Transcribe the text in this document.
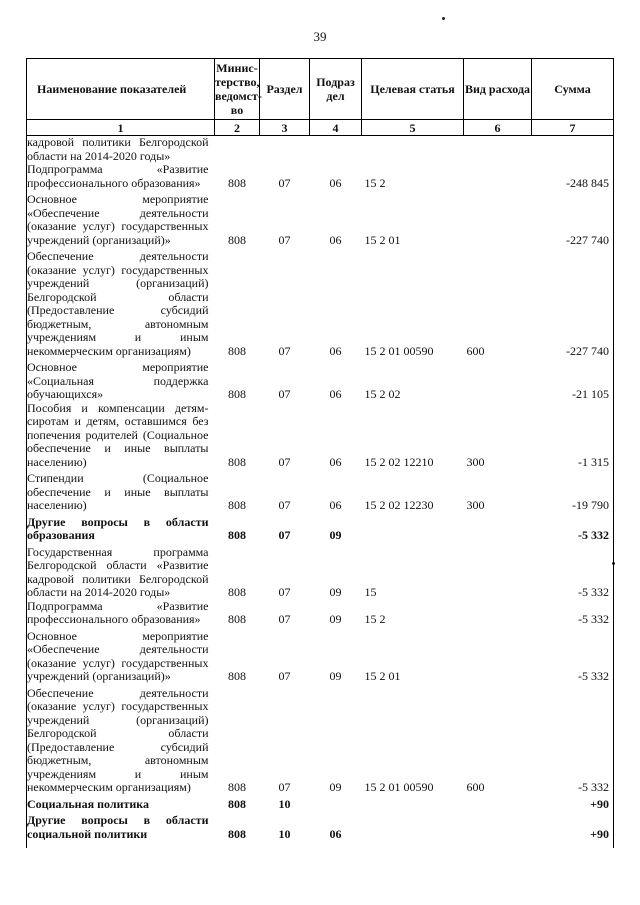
39
Наименование показателей	Минис-терство, ведомст-во	Раздел	Подраз дел	Целевая статья	Вид расхода	Сумма
1	2	3	4	5	6	7
кадровой политики Белгородской области на 2014-2020 годы»						
Подпрограмма «Развитие профессионального образования»	808	07	06	15 2		-248 845
Основное мероприятие «Обеспечение деятельности (оказание услуг) государственных учреждений (организаций)»	808	07	06	15 2 01		-227 740
Обеспечение деятельности (оказание услуг) государственных учреждений (организаций) Белгородской области (Предоставление субсидий бюджетным, автономным учреждениям и иным некоммерческим организациям)	808	07	06	15 2 01 00590	600	-227 740
Основное мероприятие «Социальная поддержка обучающихся»	808	07	06	15 2 02		-21 105
Пособия и компенсации детям-сиротам и детям, оставшимся без попечения родителей (Социальное обеспечение и иные выплаты населению)	808	07	06	15 2 02 12210	300	-1 315
Стипендии (Социальное обеспечение и иные выплаты населению)	808	07	06	15 2 02 12230	300	-19 790
Другие вопросы в области образования	808	07	09			-5 332
Государственная программа Белгородской области «Развитие кадровой политики Белгородской области на 2014-2020 годы»	808	07	09	15		-5 332
Подпрограмма «Развитие профессионального образования»	808	07	09	15 2		-5 332
Основное мероприятие «Обеспечение деятельности (оказание услуг) государственных учреждений (организаций)»	808	07	09	15 2 01		-5 332
Обеспечение деятельности (оказание услуг) государственных учреждений (организаций) Белгородской области (Предоставление субсидий бюджетным, автономным учреждениям и иным некоммерческим организациям)	808	07	09	15 2 01 00590	600	-5 332
Социальная политика	808	10				+90
Другие вопросы в области социальной политики	808	10	06			+90
